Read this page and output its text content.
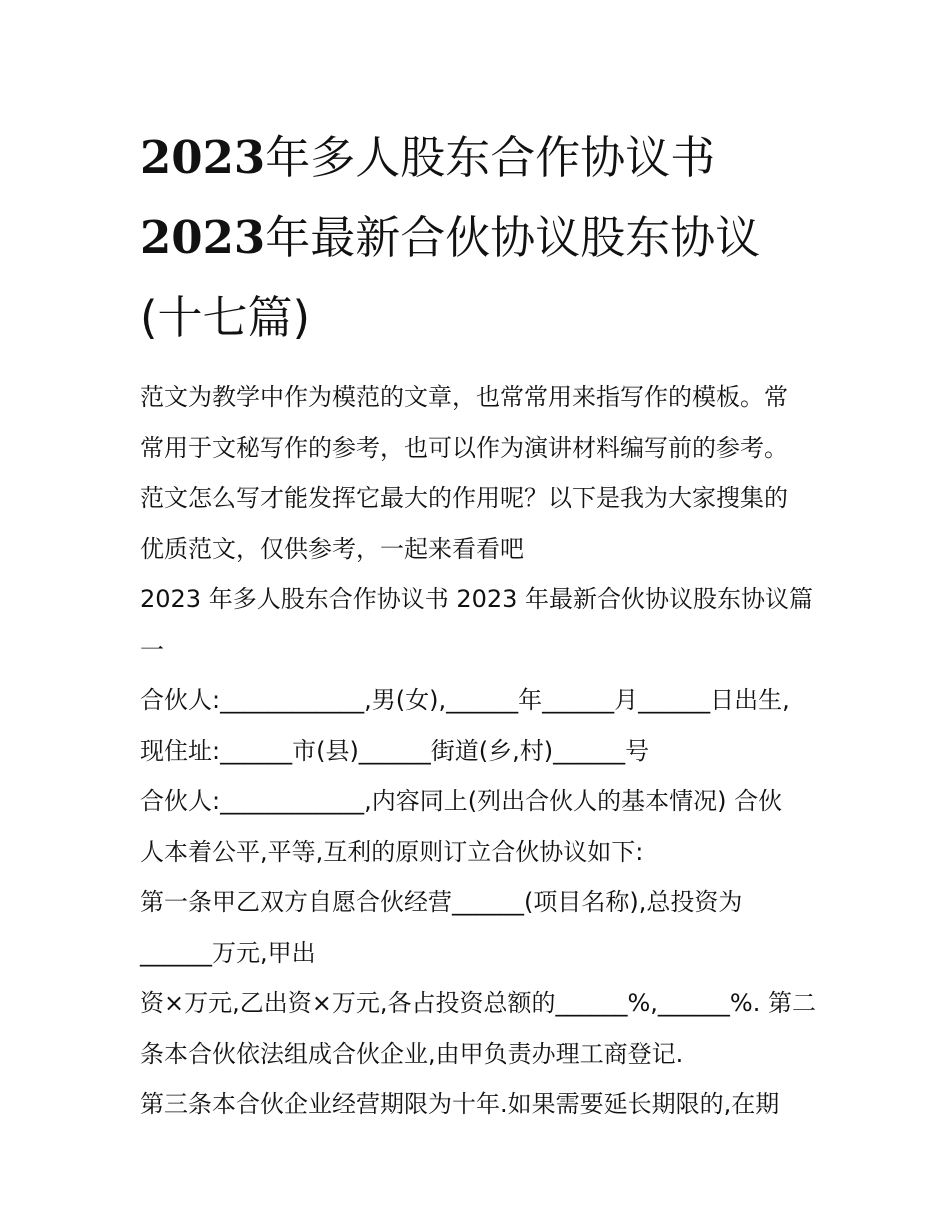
2023年多人股东合作协议书
2023年最新合伙协议股东协议
(十七篇)

范文为教学中作为模范的文章，也常常用来指写作的模板。常

常用于文秘写作的参考，也可以作为演讲材料编写前的参考。

范文怎么写才能发挥它最大的作用呢？以下是我为大家搜集的

优质范文，仅供参考，一起来看看吧

2023 年多人股东合作协议书 2023 年最新合伙协议股东协议篇

一

合伙人:____________,男(女),______年______月______日出生,

现住址:______市(县)______街道(乡,村)______号

合伙人:____________,内容同上(列出合伙人的基本情况) 合伙

人本着公平,平等,互利的原则订立合伙协议如下:

第一条甲乙双方自愿合伙经营______(项目名称),总投资为

______万元,甲出

资×万元,乙出资×万元,各占投资总额的______%,______%. 第二

条本合伙依法组成合伙企业,由甲负责办理工商登记.

第三条本合伙企业经营期限为十年.如果需要延长期限的,在期
